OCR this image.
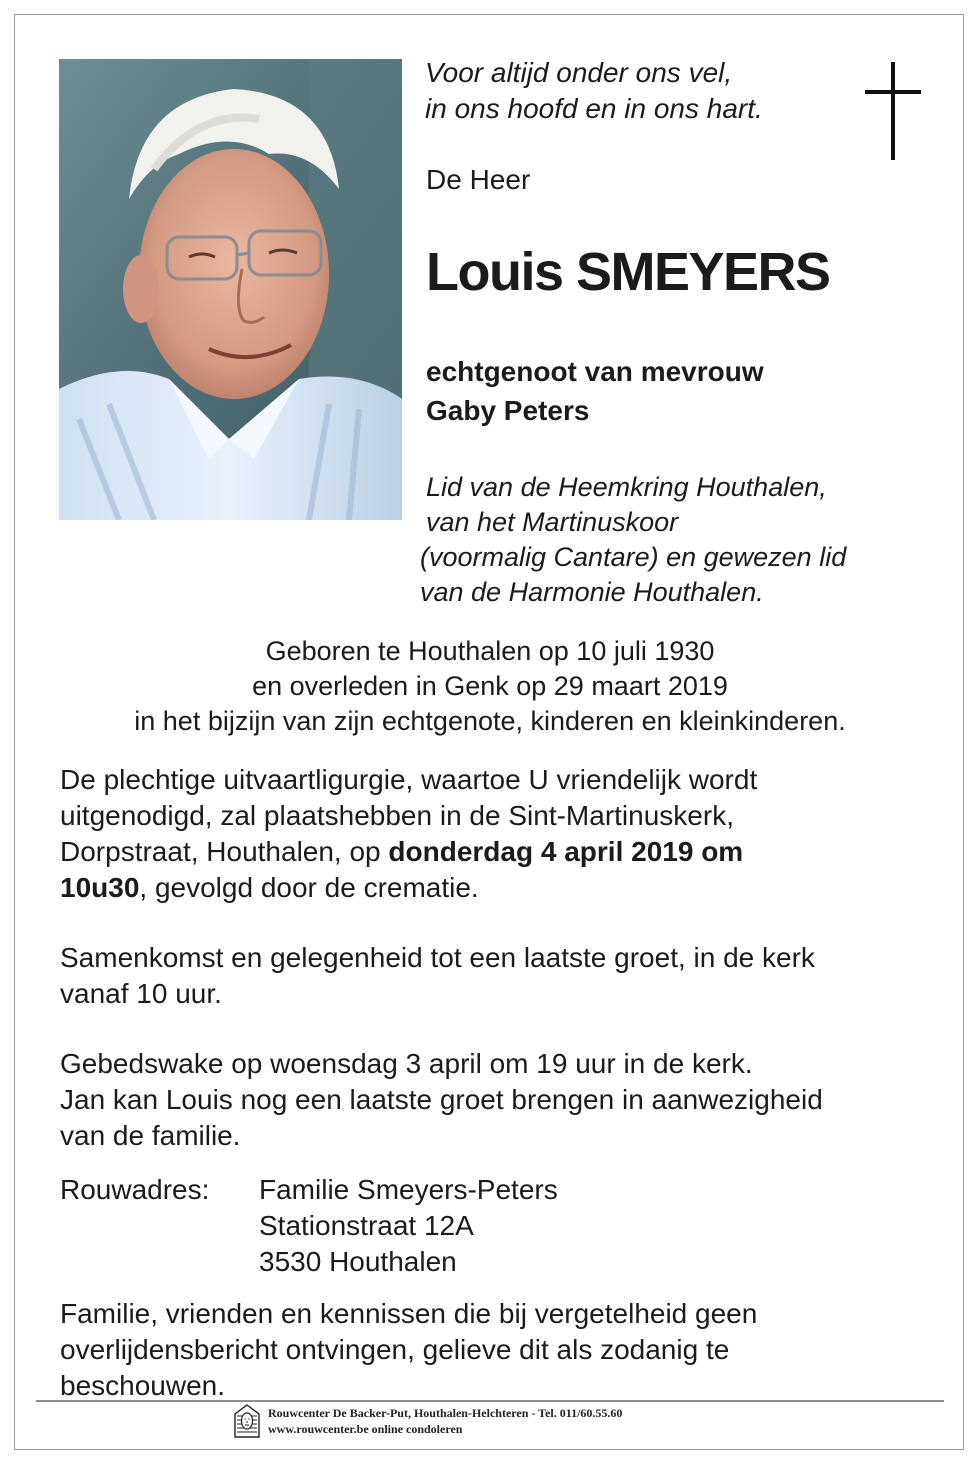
Voor altijd onder ons vel,
in ons hoofd en in ons hart.
De Heer
Louis SMEYERS
echtgenoot van mevrouw
Gaby Peters
Lid van de Heemkring Houthalen,
van het Martinuskoor
(voormalig Cantare) en gewezen lid
van de Harmonie Houthalen.
Geboren te Houthalen op 10 juli 1930
en overleden in Genk op 29 maart 2019
in het bijzijn van zijn echtgenote, kinderen en kleinkinderen.
De plechtige uitvaartligurgie, waartoe U vriendelijk wordt
uitgenodigd, zal plaatshebben in de Sint-Martinuskerk,
Dorpstraat, Houthalen, op donderdag 4 april 2019 om
10u30, gevolgd door de crematie.
Samenkomst en gelegenheid tot een laatste groet, in de kerk
vanaf 10 uur.
Gebedswake op woensdag 3 april om 19 uur in de kerk.
Jan kan Louis nog een laatste groet brengen in aanwezigheid
van de familie.
Rouwadres: Familie Smeyers-Peters
Stationstraat 12A
3530 Houthalen
Familie, vrienden en kennissen die bij vergetelheid geen
overlijdensbericht ontvingen, gelieve dit als zodanig te
beschouwen.
Rouwcenter De Backer-Put, Houthalen-Helchteren - Tel. 011/60.55.60
www.rouwcenter.be online condoleren
